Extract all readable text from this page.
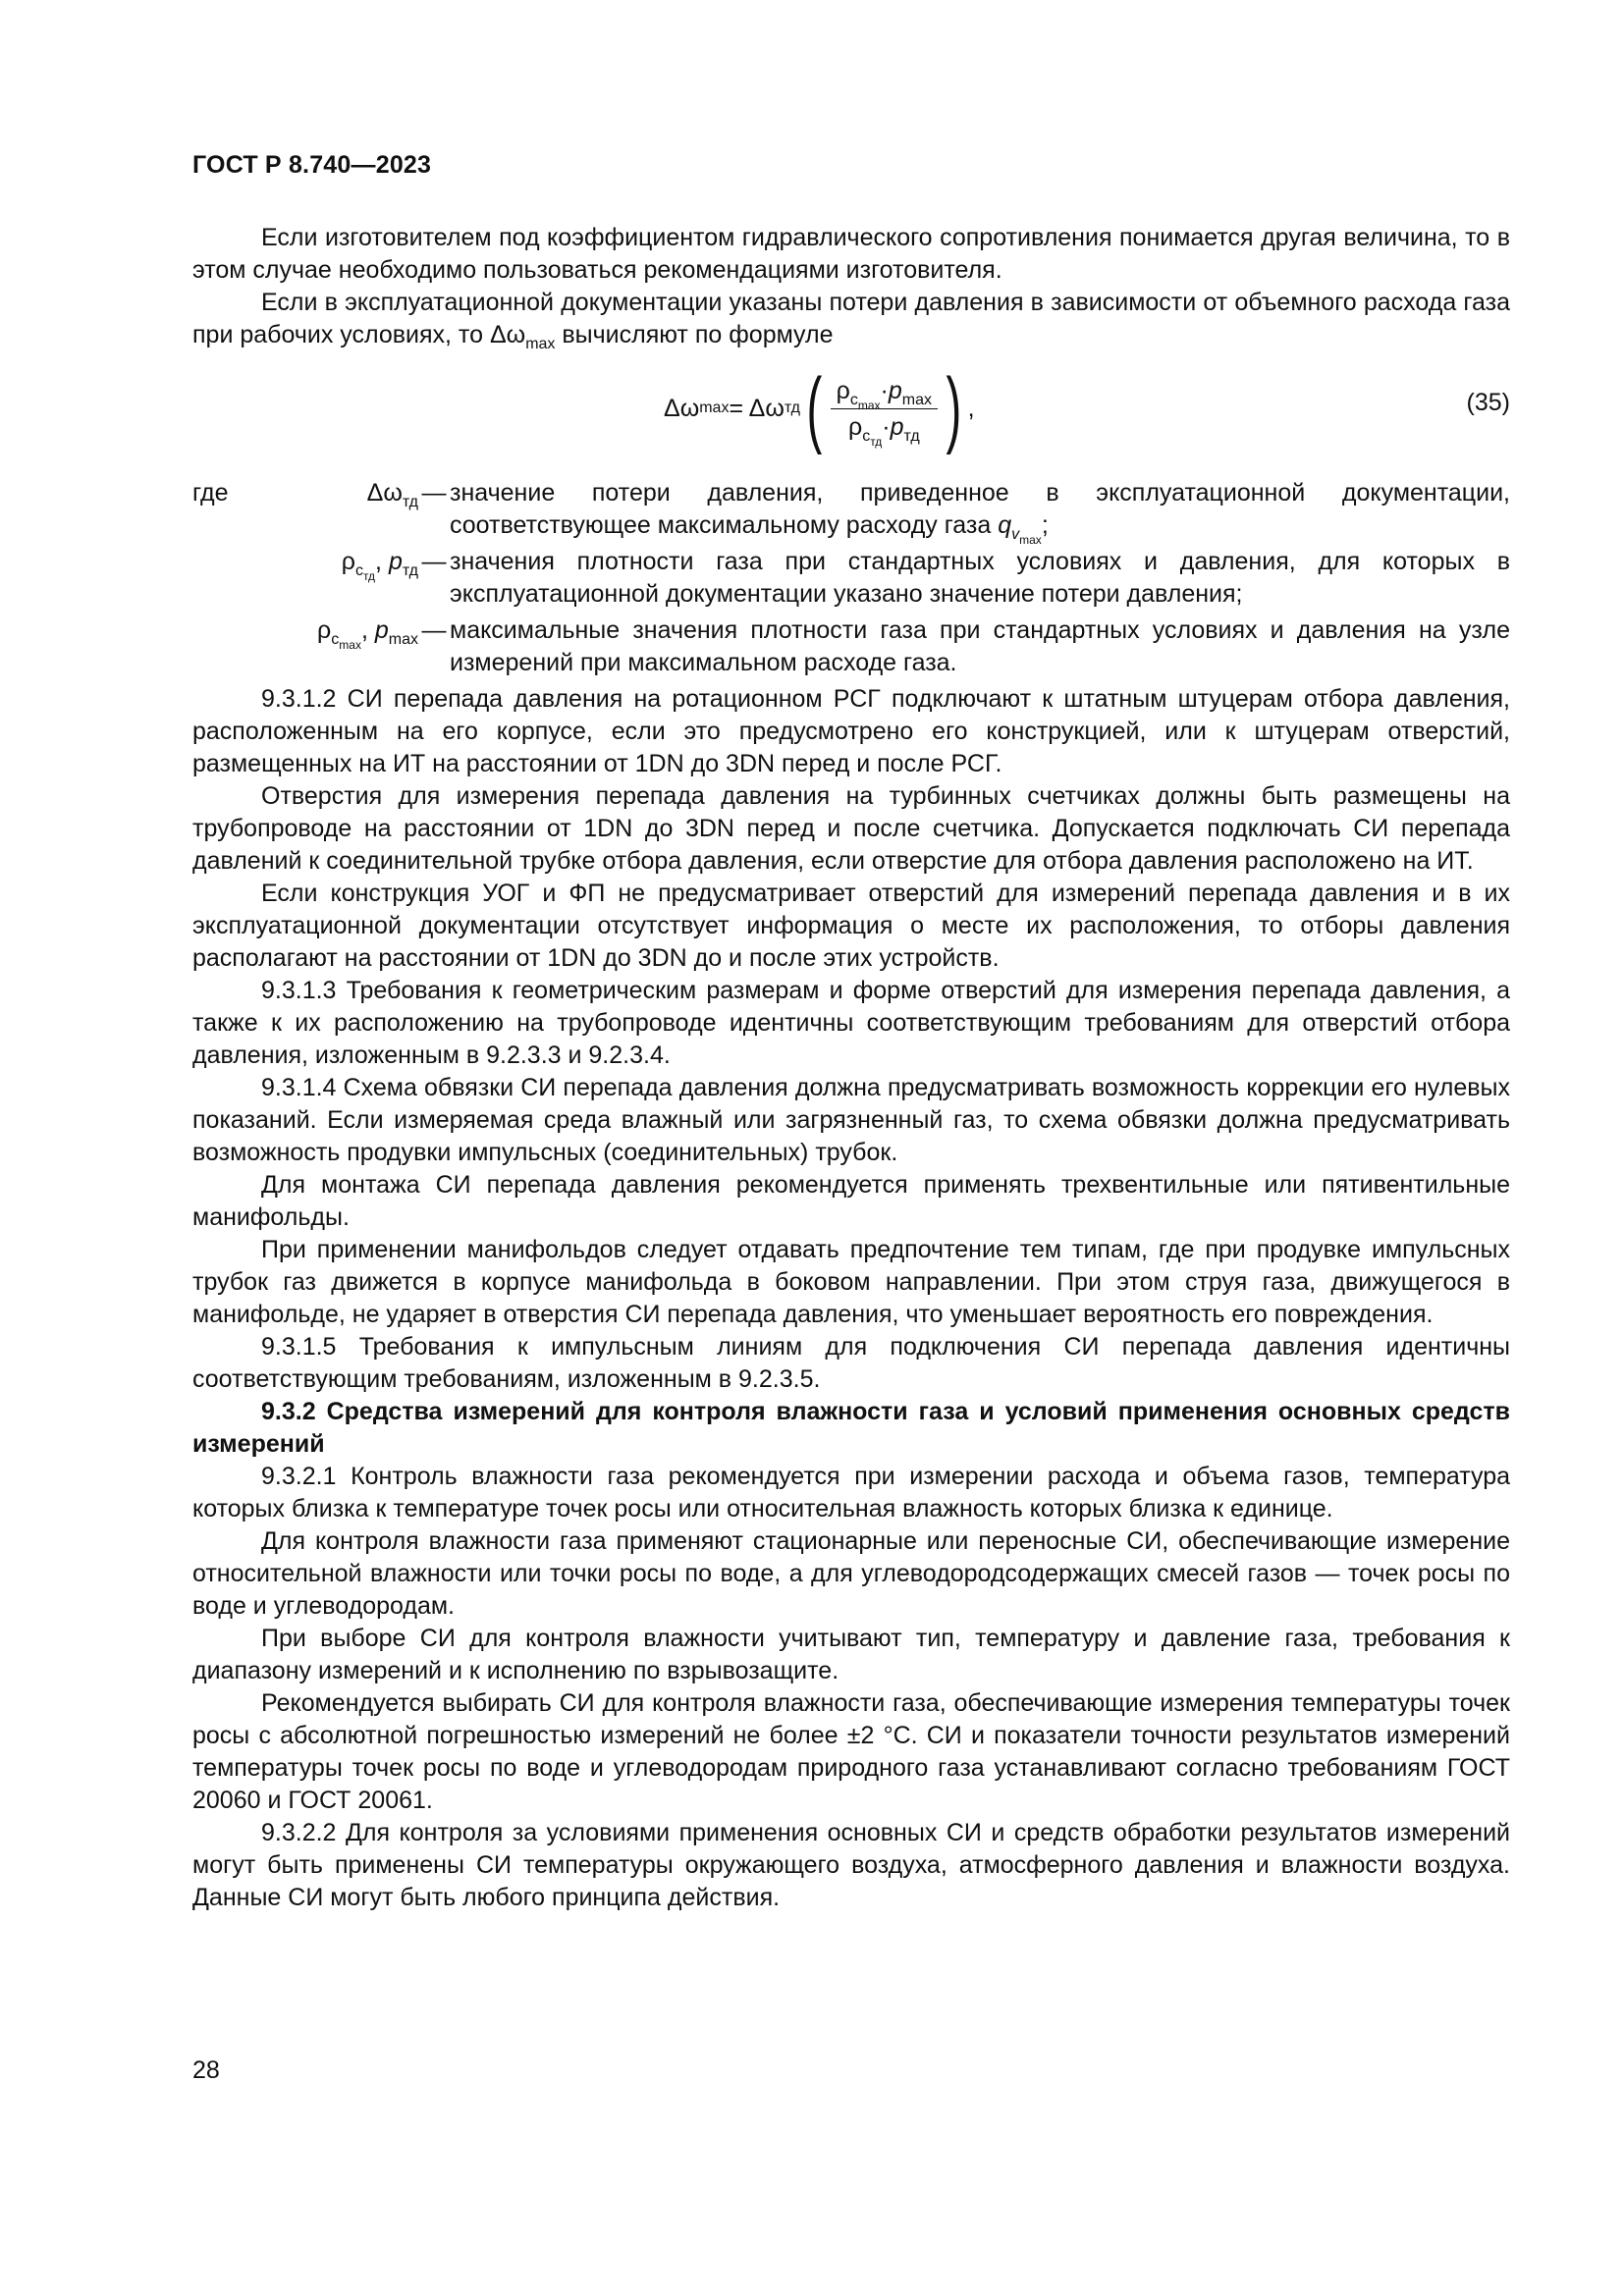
ГОСТ Р 8.740—2023

Если изготовителем под коэффициентом гидравлического сопротивления понимается другая величина, то в этом случае необходимо пользоваться рекомендациями изготовителя.

Если в эксплуатационной документации указаны потери давления в зависимости от объемного расхода газа при рабочих условиях, то $\Delta\omega_{max}$ вычисляют по формуле

Δω max = Δω тд ( $\frac{\rho_{c_{max}}\cdot p_{max}}{\rho_{c_{тд}}\cdot p_{тд}}$ ) ,	(35)
где	$\Delta\omega_{тд}$ — значение потери давления, приведенное в эксплуатационной документации, соответствующее максимальному расходу газа $q_{v_{max}}$;
$\rho_{c_{тд}}$, $p_{тд}$ — значения плотности газа при стандартных условиях и давления, для которых в эксплуатационной документации указано значение потери давления;
$\rho_{c_{max}}$, $p_{max}$ — максимальные значения плотности газа при стандартных условиях и давления на узле измерений при максимальном расходе газа.

9.3.1.2 СИ перепада давления на ротационном РСГ подключают к штатным штуцерам отбора давления, расположенным на его корпусе, если это предусмотрено его конструкцией, или к штуцерам отверстий, размещенных на ИТ на расстоянии от 1DN до 3DN перед и после РСГ.

Отверстия для измерения перепада давления на турбинных счетчиках должны быть размещены на трубопроводе на расстоянии от 1DN до 3DN перед и после счетчика. Допускается подключать СИ перепада давлений к соединительной трубке отбора давления, если отверстие для отбора давления расположено на ИТ.

Если конструкция УОГ и ФП не предусматривает отверстий для измерений перепада давления и в их эксплуатационной документации отсутствует информация о месте их расположения, то отборы давления располагают на расстоянии от 1DN до 3DN до и после этих устройств.

9.3.1.3 Требования к геометрическим размерам и форме отверстий для измерения перепада давления, а также к их расположению на трубопроводе идентичны соответствующим требованиям для отверстий отбора давления, изложенным в 9.2.3.3 и 9.2.3.4.

9.3.1.4 Схема обвязки СИ перепада давления должна предусматривать возможность коррекции его нулевых показаний. Если измеряемая среда влажный или загрязненный газ, то схема обвязки должна предусматривать возможность продувки импульсных (соединительных) трубок.

Для монтажа СИ перепада давления рекомендуется применять трехвентильные или пятивентильные манифольды.

При применении манифольдов следует отдавать предпочтение тем типам, где при продувке импульсных трубок газ движется в корпусе манифольда в боковом направлении. При этом струя газа, движущегося в манифольде, не ударяет в отверстия СИ перепада давления, что уменьшает вероятность его повреждения.

9.3.1.5 Требования к импульсным линиям для подключения СИ перепада давления идентичны соответствующим требованиям, изложенным в 9.2.3.5.

9.3.2 Средства измерений для контроля влажности газа и условий применения основных средств измерений

9.3.2.1 Контроль влажности газа рекомендуется при измерении расхода и объема газов, температура которых близка к температуре точек росы или относительная влажность которых близка к единице.

Для контроля влажности газа применяют стационарные или переносные СИ, обеспечивающие измерение относительной влажности или точки росы по воде, а для углеводородсодержащих смесей газов — точек росы по воде и углеводородам.

При выборе СИ для контроля влажности учитывают тип, температуру и давление газа, требования к диапазону измерений и к исполнению по взрывозащите.

Рекомендуется выбирать СИ для контроля влажности газа, обеспечивающие измерения температуры точек росы с абсолютной погрешностью измерений не более ±2 °С. СИ и показатели точности результатов измерений температуры точек росы по воде и углеводородам природного газа устанавливают согласно требованиям ГОСТ 20060 и ГОСТ 20061.

9.3.2.2 Для контроля за условиями применения основных СИ и средств обработки результатов измерений могут быть применены СИ температуры окружающего воздуха, атмосферного давления и влажности воздуха. Данные СИ могут быть любого принципа действия.

28
